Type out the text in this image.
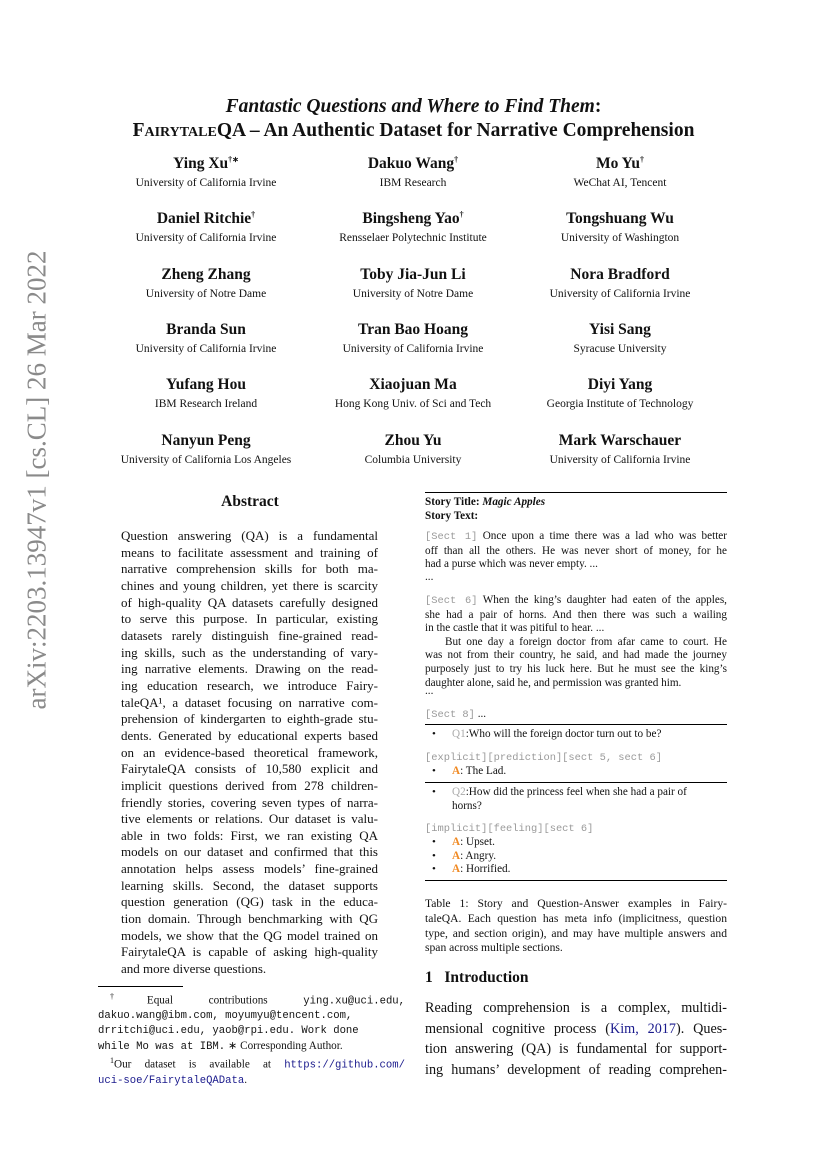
arXiv:2203.13947v1 [cs.CL] 26 Mar 2022
Fantastic Questions and Where to Find Them:
FairytaleQA – An Authentic Dataset for Narrative Comprehension
Ying Xu†∗
University of California Irvine
Dakuo Wang†
IBM Research
Mo Yu†
WeChat AI, Tencent
Daniel Ritchie†
University of California Irvine
Bingsheng Yao†
Rensselaer Polytechnic Institute
Tongshuang Wu
University of Washington
Zheng Zhang
University of Notre Dame
Toby Jia-Jun Li
University of Notre Dame
Nora Bradford
University of California Irvine
Branda Sun
University of California Irvine
Tran Bao Hoang
University of California Irvine
Yisi Sang
Syracuse University
Yufang Hou
IBM Research Ireland
Xiaojuan Ma
Hong Kong Univ. of Sci and Tech
Diyi Yang
Georgia Institute of Technology
Nanyun Peng
University of California Los Angeles
Zhou Yu
Columbia University
Mark Warschauer
University of California Irvine
Abstract
Question answering (QA) is a fundamental
means to facilitate assessment and training of
narrative comprehension skills for both ma-
chines and young children, yet there is scarcity
of high-quality QA datasets carefully designed
to serve this purpose. In particular, existing
datasets rarely distinguish fine-grained read-
ing skills, such as the understanding of vary-
ing narrative elements. Drawing on the read-
ing education research, we introduce Fairy-
taleQA¹, a dataset focusing on narrative com-
prehension of kindergarten to eighth-grade stu-
dents. Generated by educational experts based
on an evidence-based theoretical framework,
FairytaleQA consists of 10,580 explicit and
implicit questions derived from 278 children-
friendly stories, covering seven types of narra-
tive elements or relations. Our dataset is valu-
able in two folds: First, we ran existing QA
models on our dataset and confirmed that this
annotation helps assess models’ fine-grained
learning skills. Second, the dataset supports
question generation (QG) task in the educa-
tion domain. Through benchmarking with QG
models, we show that the QG model trained on
FairytaleQA is capable of asking high-quality
and more diverse questions.
†Equal contributions	ying.xu@uci.edu,
dakuo.wang@ibm.com, moyumyu@tencent.com,
drritchi@uci.edu, yaob@rpi.edu. Work done
while Mo was at IBM. ∗ Corresponding Author.
$^1$Our dataset is available at https://github.com/
uci-soe/FairytaleQAData.
Story Title: Magic Apples
Story Text:
[Sect 1] Once upon a time there was a lad who was better
off than all the others. He was never short of money, for he
had a purse which was never empty. ...
...
[Sect 6] When the king’s daughter had eaten of the apples,
she had a pair of horns. And then there was such a wailing
in the castle that it was pitiful to hear. ...
But one day a foreign doctor from afar came to court. He
was not from their country, he said, and had made the journey
purposely just to try his luck here. But he must see the king’s
daughter alone, said he, and permission was granted him.
...
[Sect 8] ...
•	Q1:Who will the foreign doctor turn out to be?
[explicit][prediction][sect 5, sect 6]
•	A: The Lad.
•	Q2:How did the princess feel when she had a pair of
horns?
[implicit][feeling][sect 6]
•	A: Upset.
•	A: Angry.
•	A: Horrified.
Table 1: Story and Question-Answer examples in Fairy-
taleQA. Each question has meta info (implicitness, question
type, and section origin), and may have multiple answers and
span across multiple sections.
1 Introduction
Reading comprehension is a complex, multidi-
mensional cognitive process (Kim, 2017). Ques-
tion answering (QA) is fundamental for support-
ing humans’ development of reading comprehen-
